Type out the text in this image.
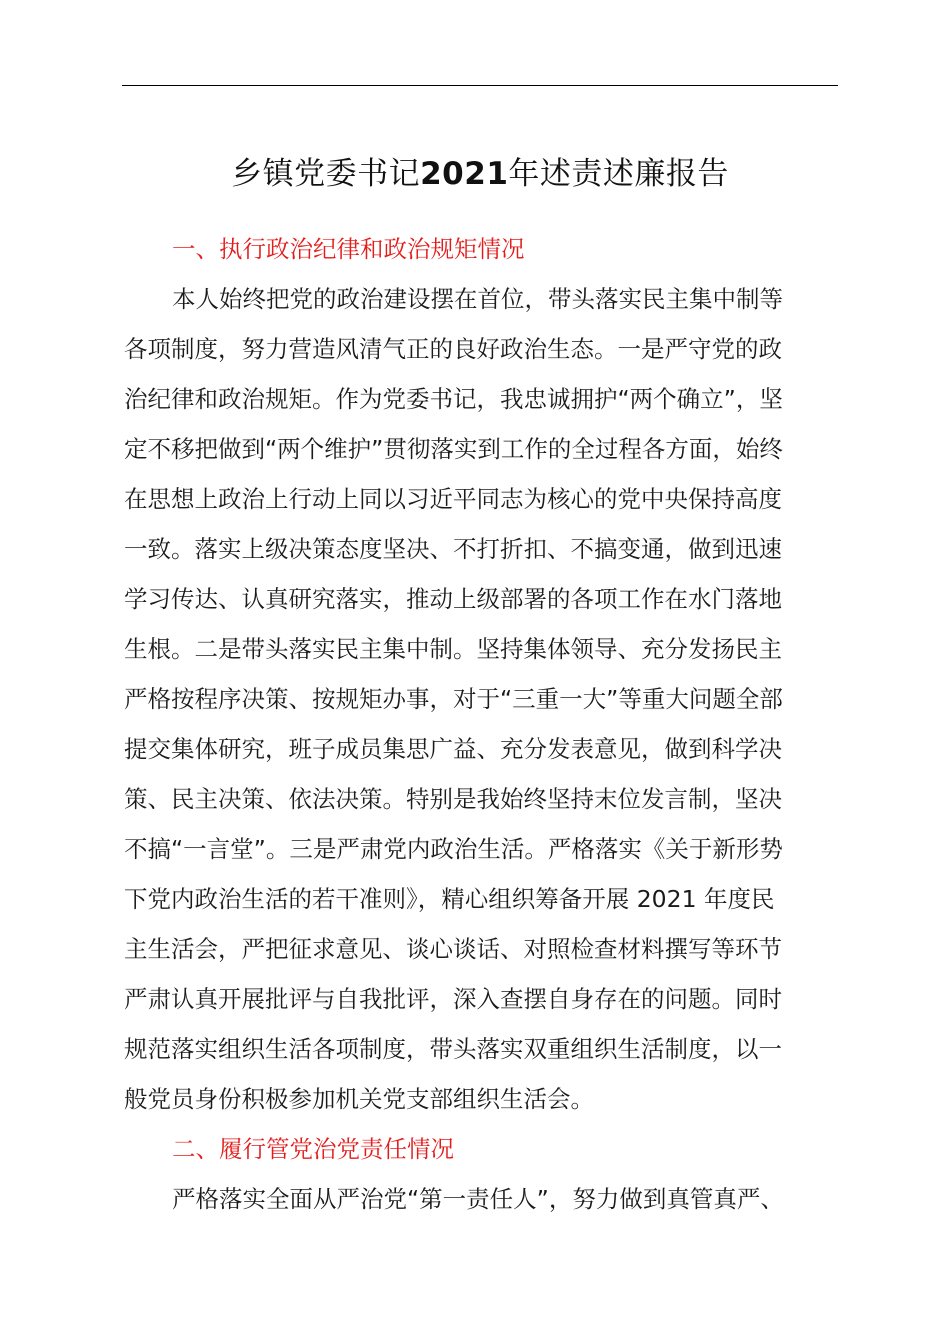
乡镇党委书记2021年述责述廉报告

一、执行政治纪律和政治规矩情况

本人始终把党的政治建设摆在首位，带头落实民主集中制等

各项制度，努力营造风清气正的良好政治生态。一是严守党的政

治纪律和政治规矩。作为党委书记，我忠诚拥护“两个确立”，坚

定不移把做到“两个维护”贯彻落实到工作的全过程各方面，始终

在思想上政治上行动上同以习近平同志为核心的党中央保持高度

一致。落实上级决策态度坚决、不打折扣、不搞变通，做到迅速

学习传达、认真研究落实，推动上级部署的各项工作在水门落地

生根。二是带头落实民主集中制。坚持集体领导、充分发扬民主

严格按程序决策、按规矩办事，对于“三重一大”等重大问题全部

提交集体研究，班子成员集思广益、充分发表意见，做到科学决

策、民主决策、依法决策。特别是我始终坚持末位发言制，坚决

不搞“一言堂”。三是严肃党内政治生活。严格落实《关于新形势

下党内政治生活的若干准则》，精心组织筹备开展 2021 年度民

主生活会，严把征求意见、谈心谈话、对照检查材料撰写等环节

严肃认真开展批评与自我批评，深入查摆自身存在的问题。同时

规范落实组织生活各项制度，带头落实双重组织生活制度，以一

般党员身份积极参加机关党支部组织生活会。

二、履行管党治党责任情况

严格落实全面从严治党“第一责任人”，努力做到真管真严、
